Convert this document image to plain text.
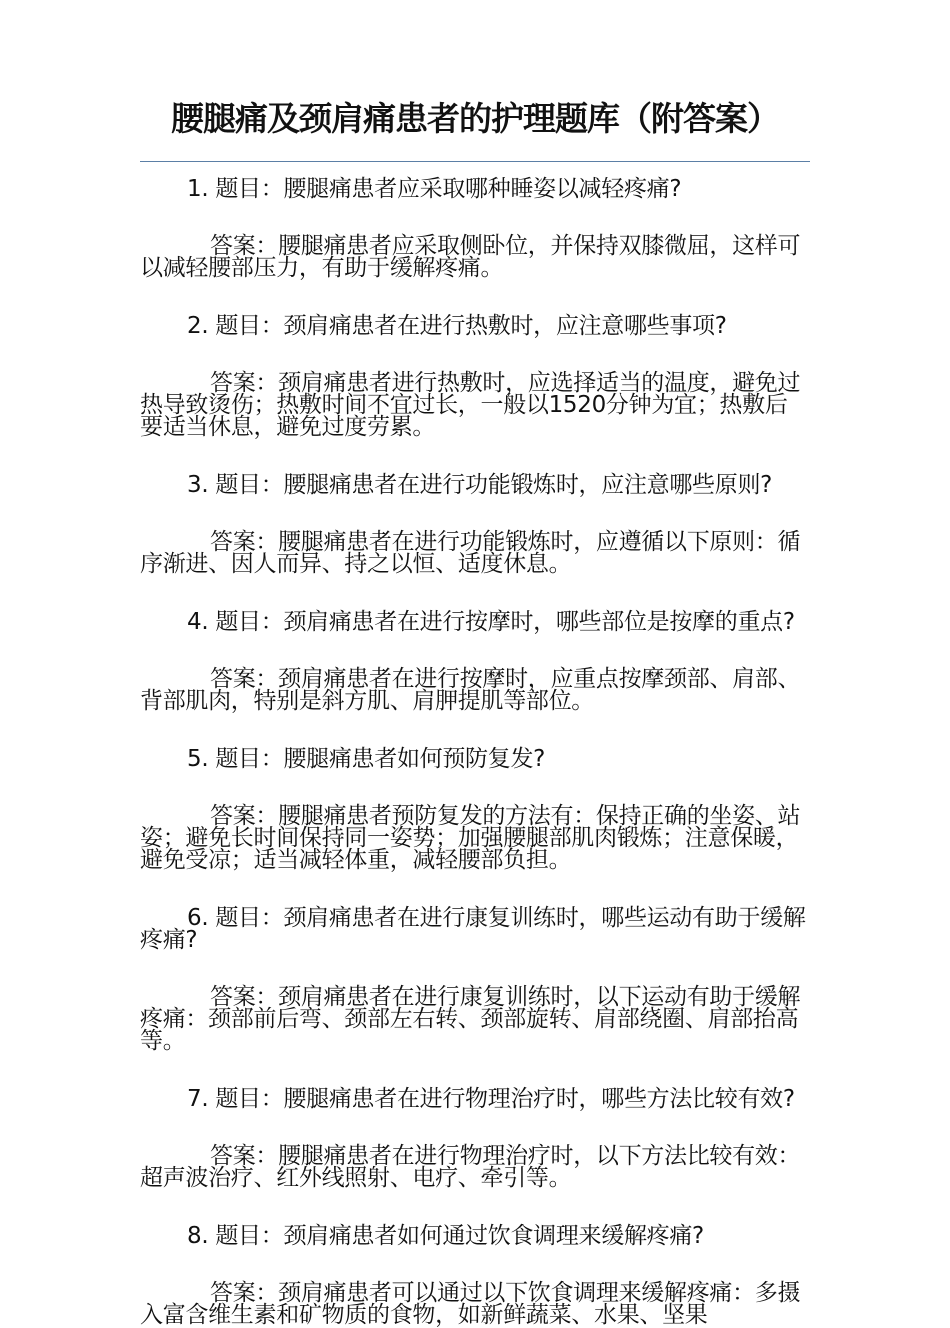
腰腿痛及颈肩痛患者的护理题库（附答案）

1. 题目：腰腿痛患者应采取哪种睡姿以减轻疼痛?

答案：腰腿痛患者应采取侧卧位，并保持双膝微屈，这样可以减轻腰部压力，有助于缓解疼痛。

2. 题目：颈肩痛患者在进行热敷时，应注意哪些事项?

答案：颈肩痛患者进行热敷时，应选择适当的温度，避免过热导致烫伤；热敷时间不宜过长，一般以1520分钟为宜；热敷后要适当休息，避免过度劳累。

3. 题目：腰腿痛患者在进行功能锻炼时，应注意哪些原则?

答案：腰腿痛患者在进行功能锻炼时，应遵循以下原则：循序渐进、因人而异、持之以恒、适度休息。

4. 题目：颈肩痛患者在进行按摩时，哪些部位是按摩的重点?

答案：颈肩痛患者在进行按摩时，应重点按摩颈部、肩部、背部肌肉，特别是斜方肌、肩胛提肌等部位。

5. 题目：腰腿痛患者如何预防复发?

答案：腰腿痛患者预防复发的方法有：保持正确的坐姿、站姿；避免长时间保持同一姿势；加强腰腿部肌肉锻炼；注意保暖，避免受凉；适当减轻体重，减轻腰部负担。

6. 题目：颈肩痛患者在进行康复训练时，哪些运动有助于缓解疼痛?

答案：颈肩痛患者在进行康复训练时，以下运动有助于缓解疼痛：颈部前后弯、颈部左右转、颈部旋转、肩部绕圈、肩部抬高等。

7. 题目：腰腿痛患者在进行物理治疗时，哪些方法比较有效?

答案：腰腿痛患者在进行物理治疗时，以下方法比较有效：超声波治疗、红外线照射、电疗、牵引等。

8. 题目：颈肩痛患者如何通过饮食调理来缓解疼痛?

答案：颈肩痛患者可以通过以下饮食调理来缓解疼痛：多摄入富含维生素和矿物质的食物，如新鲜蔬菜、水果、坚果
